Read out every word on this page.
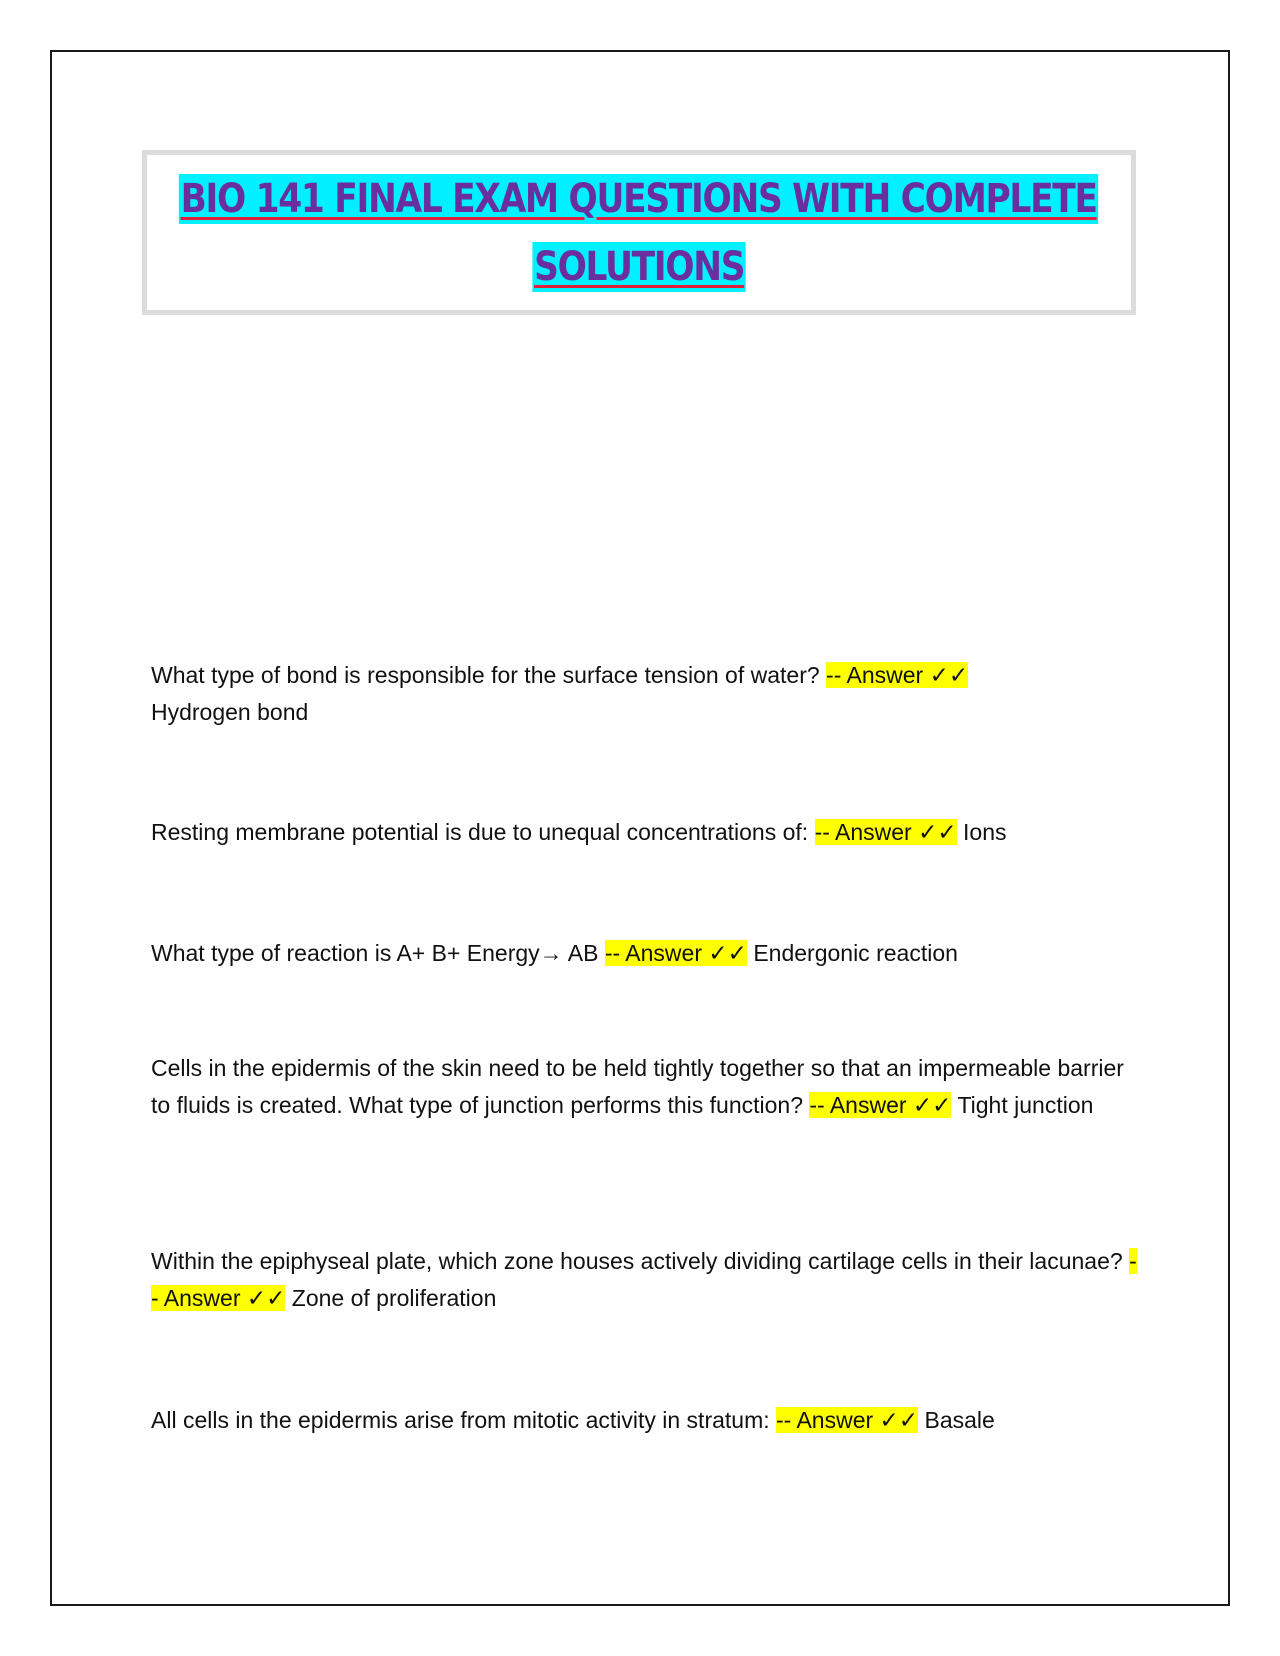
BIO 141 FINAL EXAM QUESTIONS WITH COMPLETE
SOLUTIONS

What type of bond is responsible for the surface tension of water? -- Answer ✓✓
Hydrogen bond

Resting membrane potential is due to unequal concentrations of: -- Answer ✓✓ Ions

What type of reaction is A+ B+ Energy→ AB -- Answer ✓✓ Endergonic reaction

Cells in the epidermis of the skin need to be held tightly together so that an impermeable barrier to fluids is created. What type of junction performs this function? -- Answer ✓✓ Tight junction

Within the epiphyseal plate, which zone houses actively dividing cartilage cells in their lacunae? -- Answer ✓✓ Zone of proliferation

All cells in the epidermis arise from mitotic activity in stratum: -- Answer ✓✓ Basale
